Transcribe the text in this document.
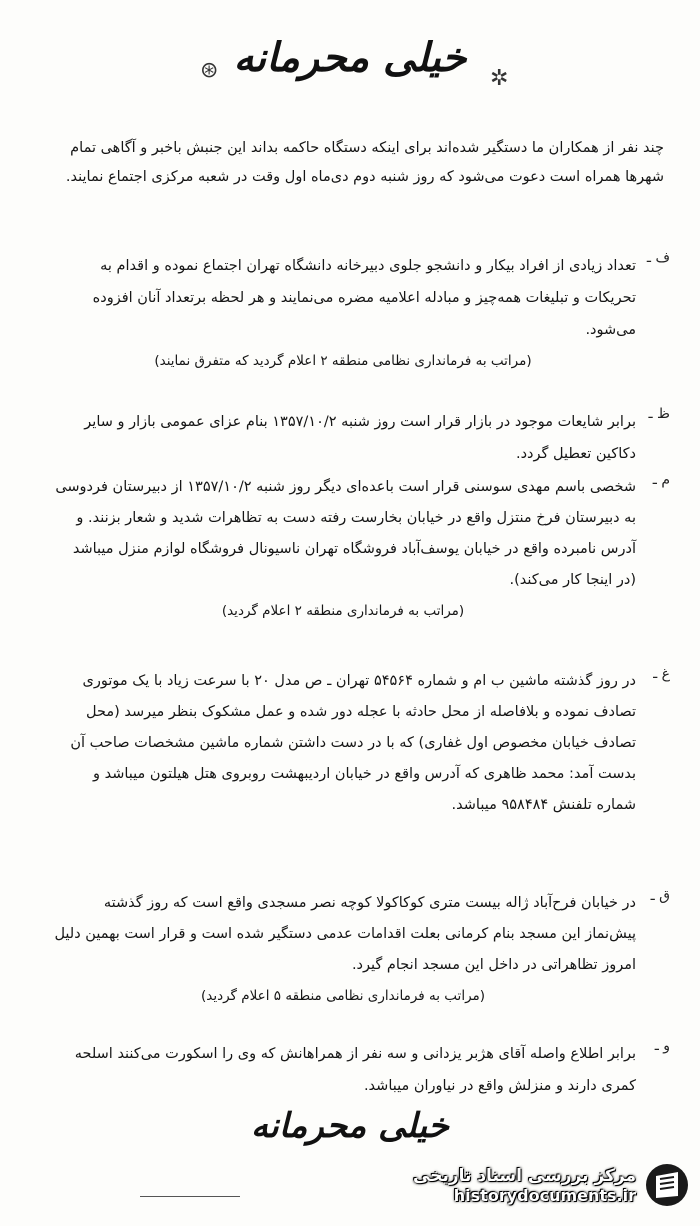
⊛	✲
خیلی محرمانه
چند نفر از همکاران ما دستگیر شده‌اند برای اینکه دستگاه حاکمه بداند این جنبش باخبر و آگاهی تمام شهرها همراه است دعوت می‌شود که روز شنبه دوم دی‌ماه اول وقت در شعبه مرکزی اجتماع نمایند.
ف ـ
تعداد زیادی از افراد بیکار و دانشجو جلوی دبیرخانه دانشگاه تهران اجتماع نموده و اقدام به تحریکات و تبلیغات همه‌چیز و مبادله اعلامیه مضره می‌نمایند و هر لحظه برتعداد آنان افزوده می‌شود.
(مراتب به فرمانداری نظامی منطقه ۲ اعلام گردید که متفرق نمایند)
ظ ـ
برابر شایعات موجود در بازار قرار است روز شنبه ۱۳۵۷/۱۰/۲ بنام عزای عمومی بازار و سایر دکاکین تعطیل گردد.
م ـ
شخصی باسم مهدی سوسنی قرار است باعده‌ای دیگر روز شنبه ۱۳۵۷/۱۰/۲ از دبیرستان فردوسی به دبیرستان فرخ منتزل واقع در خیابان بخارست رفته دست به تظاهرات شدید و شعار بزنند. و آدرس نامبرده واقع در خیابان یوسف‌آباد فروشگاه تهران ناسیونال فروشگاه لوازم منزل میباشد (در اینجا کار می‌کند).
(مراتب به فرمانداری منطقه ۲ اعلام گردید)
غ ـ
در روز گذشته ماشین ب ام و شماره ۵۴۵۶۴ تهران ـ ص مدل ۲۰ با سرعت زیاد با یک موتوری تصادف نموده و بلافاصله از محل حادثه با عجله دور شده و عمل مشکوک بنظر میرسد (محل تصادف خیابان مخصوص اول غفاری) که با در دست داشتن شماره ماشین مشخصات صاحب آن بدست آمد: محمد ظاهری که آدرس واقع در خیابان اردیبهشت روبروی هتل هیلتون میباشد و شماره تلفنش ۹۵۸۴۸۴ میباشد.
ق ـ
در خیابان فرح‌آباد ژاله بیست متری کوکاکولا کوچه نصر مسجدی واقع است که روز گذشته پیش‌نماز این مسجد بنام کرمانی بعلت اقدامات عدمی دستگیر شده است و قرار است بهمین دلیل امروز تظاهراتی در داخل این مسجد انجام گیرد.
(مراتب به فرمانداری نظامی منطقه ۵ اعلام گردید)
و ـ
برابر اطلاع واصله آقای هژبر یزدانی و سه نفر از همراهانش که وی را اسکورت می‌کنند اسلحه کمری دارند و منزلش واقع در نیاوران میباشد.
خیلی محرمانه
مرکز بررسی اسناد تاریخی
historydocuments.ir
